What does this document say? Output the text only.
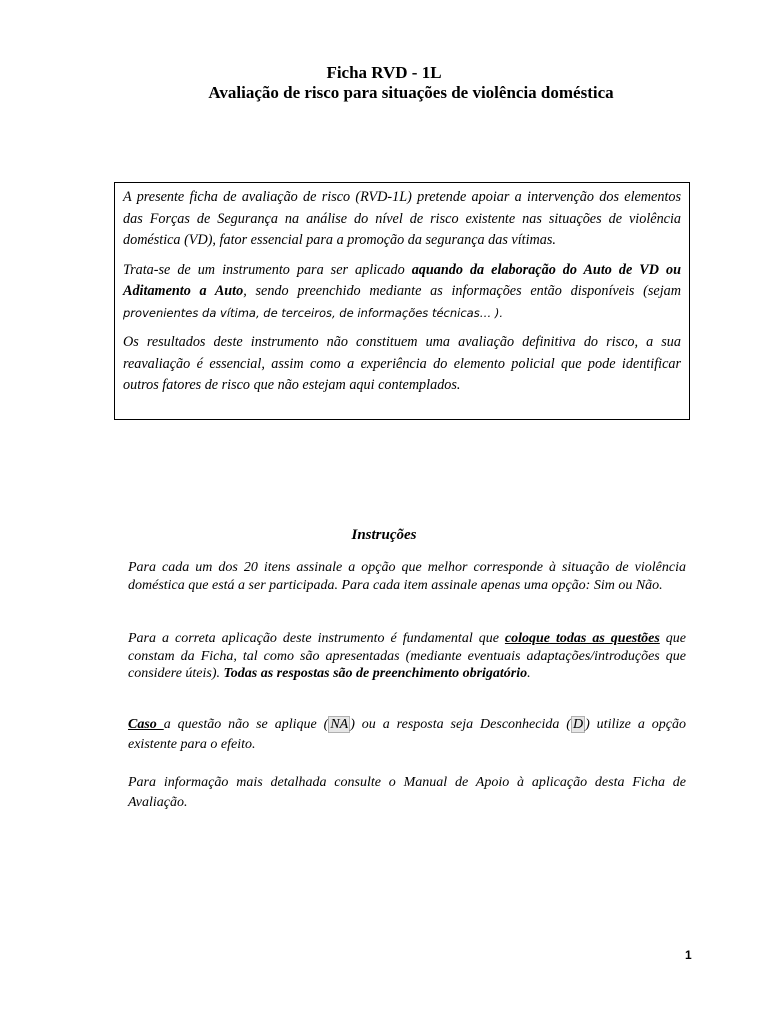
Ficha RVD - 1L
Avaliação de risco para situações de violência doméstica

A presente ficha de avaliação de risco (RVD-1L) pretende apoiar a intervenção dos elementos das Forças de Segurança na análise do nível de risco existente nas situações de violência doméstica (VD), fator essencial para a promoção da segurança das vítimas.

Trata-se de um instrumento para ser aplicado aquando da elaboração do Auto de VD ou Aditamento a Auto, sendo preenchido mediante as informações então disponíveis (sejam provenientes da vítima, de terceiros, de informações técnicas… ).

Os resultados deste instrumento não constituem uma avaliação definitiva do risco, a sua reavaliação é essencial, assim como a experiência do elemento policial que pode identificar outros fatores de risco que não estejam aqui contemplados.

Instruções

Para cada um dos 20 itens assinale a opção que melhor corresponde à situação de violência doméstica que está a ser participada. Para cada item assinale apenas uma opção: Sim ou Não.

Para a correta aplicação deste instrumento é fundamental que coloque todas as questões que constam da Ficha, tal como são apresentadas (mediante eventuais adaptações/introduções que considere úteis). Todas as respostas são de preenchimento obrigatório.

Caso a questão não se aplique ( NA ) ou a resposta seja Desconhecida ( D ) utilize a opção existente para o efeito.

Para informação mais detalhada consulte o Manual de Apoio à aplicação desta Ficha de Avaliação.

1
